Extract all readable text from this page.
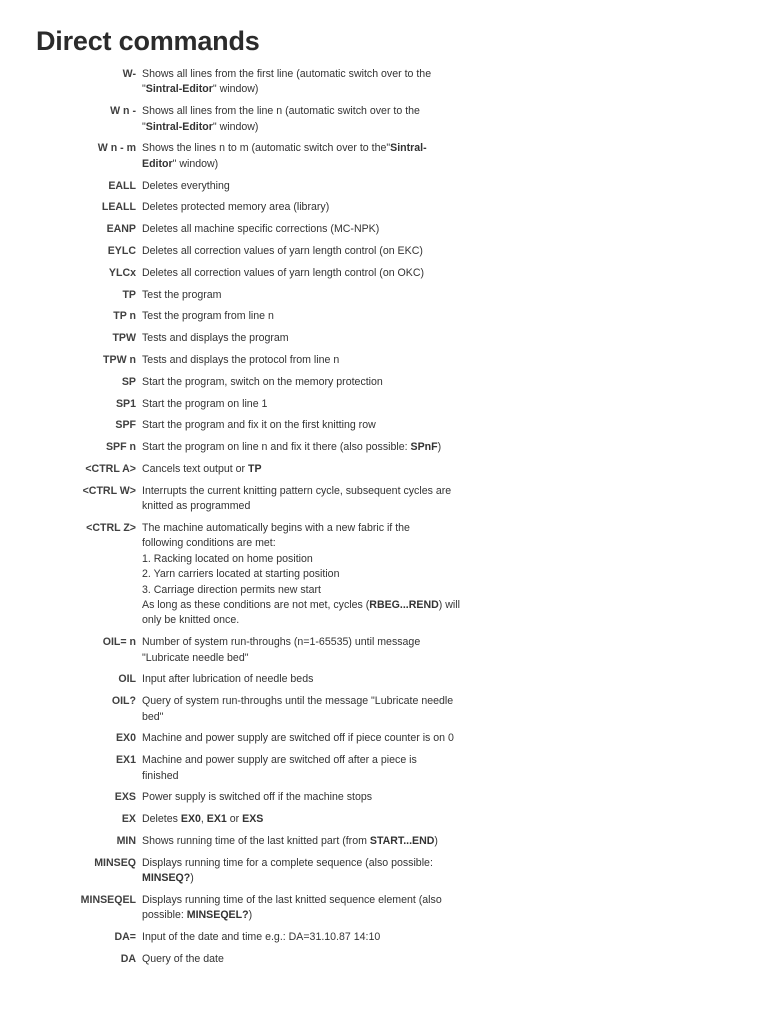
Direct commands
W- Shows all lines from the first line (automatic switch over to the
"Sintral-Editor" window)
W n - Shows all lines from the line n (automatic switch over to the
"Sintral-Editor" window)
W n - m Shows the lines n to m (automatic switch over to the"Sintral-
Editor" window)
EALL Deletes everything
LEALL Deletes protected memory area (library)
EANP Deletes all machine specific corrections (MC-NPK)
EYLC Deletes all correction values of yarn length control (on EKC)
YLCx Deletes all correction values of yarn length control (on OKC)
TP Test the program
TP n Test the program from line n
TPW Tests and displays the program
TPW n Tests and displays the protocol from line n
SP Start the program, switch on the memory protection
SP1 Start the program on line 1
SPF Start the program and fix it on the first knitting row
SPF n Start the program on line n and fix it there (also possible: SPnF)
<CTRL A> Cancels text output or TP
<CTRL W> Interrupts the current knitting pattern cycle, subsequent cycles are
knitted as programmed
<CTRL Z> The machine automatically begins with a new fabric if the
following conditions are met:
1. Racking located on home position
2. Yarn carriers located at starting position
3. Carriage direction permits new start
As long as these conditions are not met, cycles (RBEG...REND) will
only be knitted once.
OIL= n Number of system run-throughs (n=1-65535) until message
"Lubricate needle bed"
OIL Input after lubrication of needle beds
OIL? Query of system run-throughs until the message "Lubricate needle
bed"
EX0 Machine and power supply are switched off if piece counter is on 0
EX1 Machine and power supply are switched off after a piece is
finished
EXS Power supply is switched off if the machine stops
EX Deletes EX0, EX1 or EXS
MIN Shows running time of the last knitted part (from START...END)
MINSEQ Displays running time for a complete sequence (also possible:
MINSEQ?)
MINSEQEL Displays running time of the last knitted sequence element (also
possible: MINSEQEL?)
DA= Input of the date and time e.g.: DA=31.10.87 14:10
DA Query of the date
